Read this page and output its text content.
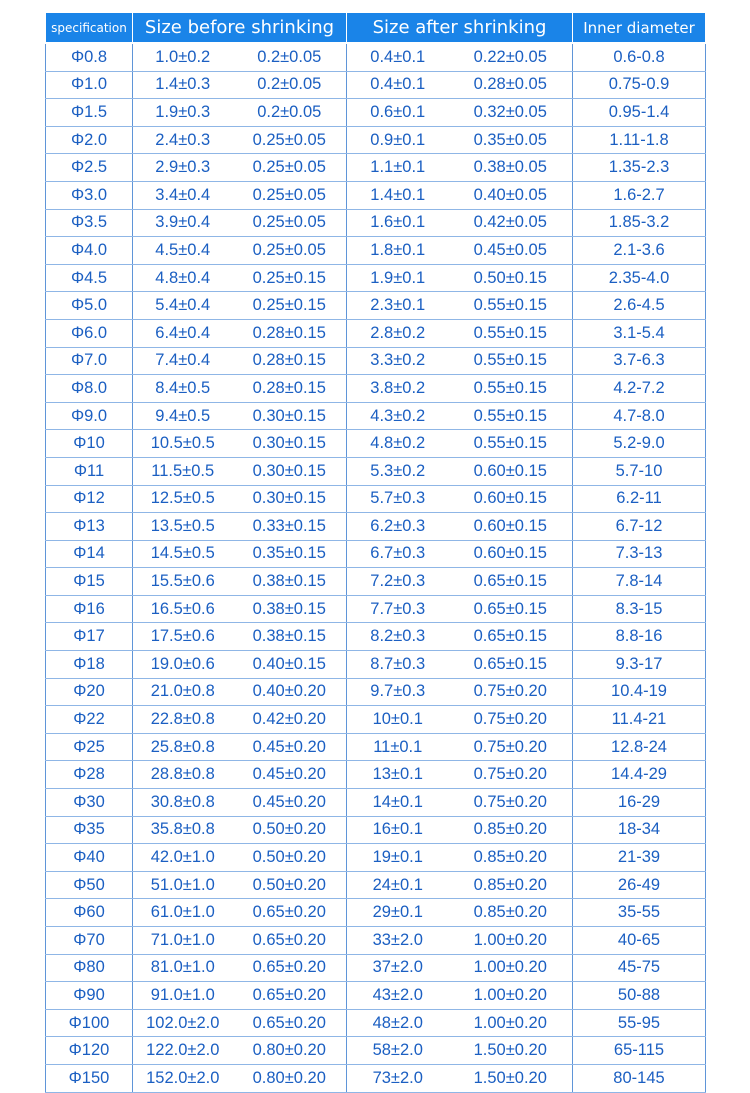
specification	Size before shrinking		Size after shrinking		Inner diameter
Φ0.8	1.0±0.2	0.2±0.05	0.4±0.1	0.22±0.05	0.6-0.8
Φ1.0	1.4±0.3	0.2±0.05	0.4±0.1	0.28±0.05	0.75-0.9
Φ1.5	1.9±0.3	0.2±0.05	0.6±0.1	0.32±0.05	0.95-1.4
Φ2.0	2.4±0.3	0.25±0.05	0.9±0.1	0.35±0.05	1.11-1.8
Φ2.5	2.9±0.3	0.25±0.05	1.1±0.1	0.38±0.05	1.35-2.3
Φ3.0	3.4±0.4	0.25±0.05	1.4±0.1	0.40±0.05	1.6-2.7
Φ3.5	3.9±0.4	0.25±0.05	1.6±0.1	0.42±0.05	1.85-3.2
Φ4.0	4.5±0.4	0.25±0.05	1.8±0.1	0.45±0.05	2.1-3.6
Φ4.5	4.8±0.4	0.25±0.15	1.9±0.1	0.50±0.15	2.35-4.0
Φ5.0	5.4±0.4	0.25±0.15	2.3±0.1	0.55±0.15	2.6-4.5
Φ6.0	6.4±0.4	0.28±0.15	2.8±0.2	0.55±0.15	3.1-5.4
Φ7.0	7.4±0.4	0.28±0.15	3.3±0.2	0.55±0.15	3.7-6.3
Φ8.0	8.4±0.5	0.28±0.15	3.8±0.2	0.55±0.15	4.2-7.2
Φ9.0	9.4±0.5	0.30±0.15	4.3±0.2	0.55±0.15	4.7-8.0
Φ10	10.5±0.5	0.30±0.15	4.8±0.2	0.55±0.15	5.2-9.0
Φ11	11.5±0.5	0.30±0.15	5.3±0.2	0.60±0.15	5.7-10
Φ12	12.5±0.5	0.30±0.15	5.7±0.3	0.60±0.15	6.2-11
Φ13	13.5±0.5	0.33±0.15	6.2±0.3	0.60±0.15	6.7-12
Φ14	14.5±0.5	0.35±0.15	6.7±0.3	0.60±0.15	7.3-13
Φ15	15.5±0.6	0.38±0.15	7.2±0.3	0.65±0.15	7.8-14
Φ16	16.5±0.6	0.38±0.15	7.7±0.3	0.65±0.15	8.3-15
Φ17	17.5±0.6	0.38±0.15	8.2±0.3	0.65±0.15	8.8-16
Φ18	19.0±0.6	0.40±0.15	8.7±0.3	0.65±0.15	9.3-17
Φ20	21.0±0.8	0.40±0.20	9.7±0.3	0.75±0.20	10.4-19
Φ22	22.8±0.8	0.42±0.20	10±0.1	0.75±0.20	11.4-21
Φ25	25.8±0.8	0.45±0.20	11±0.1	0.75±0.20	12.8-24
Φ28	28.8±0.8	0.45±0.20	13±0.1	0.75±0.20	14.4-29
Φ30	30.8±0.8	0.45±0.20	14±0.1	0.75±0.20	16-29
Φ35	35.8±0.8	0.50±0.20	16±0.1	0.85±0.20	18-34
Φ40	42.0±1.0	0.50±0.20	19±0.1	0.85±0.20	21-39
Φ50	51.0±1.0	0.50±0.20	24±0.1	0.85±0.20	26-49
Φ60	61.0±1.0	0.65±0.20	29±0.1	0.85±0.20	35-55
Φ70	71.0±1.0	0.65±0.20	33±2.0	1.00±0.20	40-65
Φ80	81.0±1.0	0.65±0.20	37±2.0	1.00±0.20	45-75
Φ90	91.0±1.0	0.65±0.20	43±2.0	1.00±0.20	50-88
Φ100	102.0±2.0	0.65±0.20	48±2.0	1.00±0.20	55-95
Φ120	122.0±2.0	0.80±0.20	58±2.0	1.50±0.20	65-115
Φ150	152.0±2.0	0.80±0.20	73±2.0	1.50±0.20	80-145
